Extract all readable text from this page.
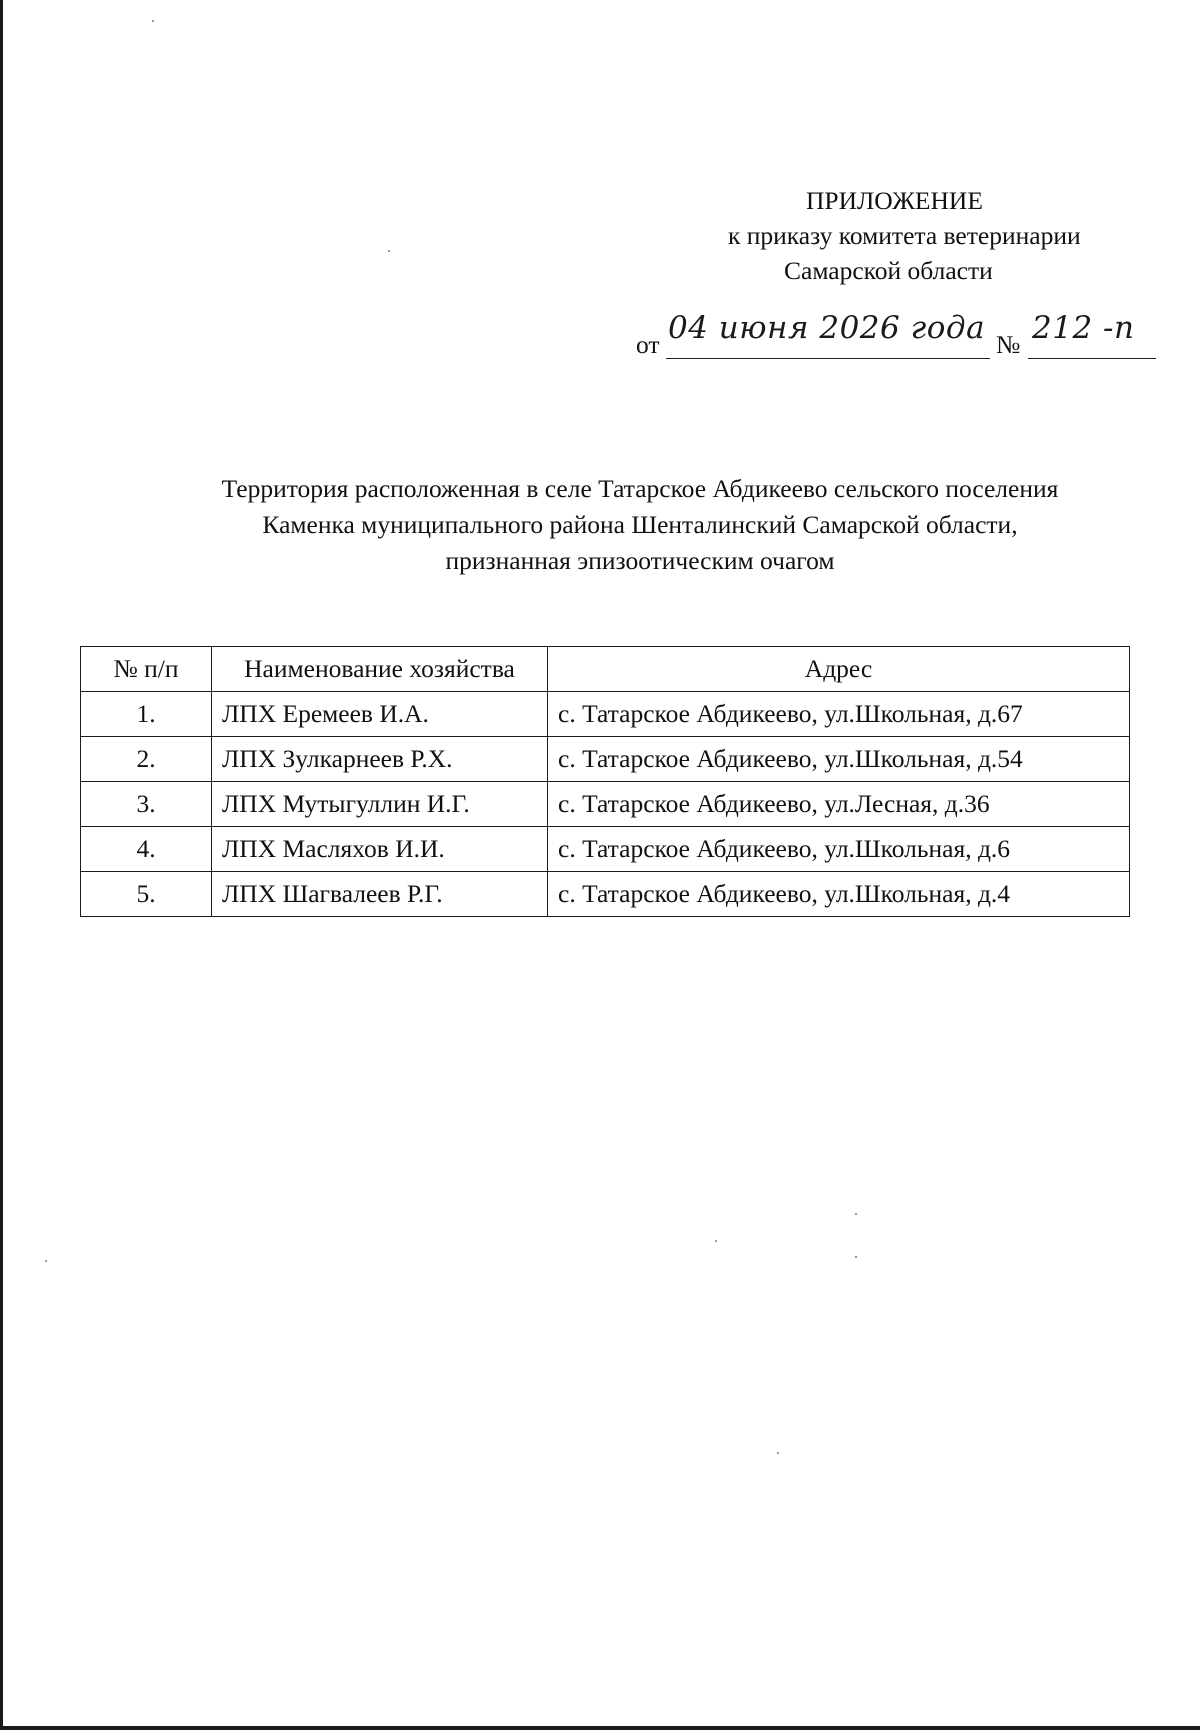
ПРИЛОЖЕНИЕ
к приказу комитета ветеринарии
Самарской области
от 04 июня 2026 года № 212 -п
Территория расположенная в селе Татарское Абдикеево сельского поселения
Каменка муниципального района Шенталинский Самарской области,
признанная эпизоотическим очагом
№ п/п	Наименование хозяйства	Адрес
1.	ЛПХ Еремеев И.А.	с. Татарское Абдикеево, ул.Школьная, д.67
2.	ЛПХ Зулкарнеев Р.Х.	с. Татарское Абдикеево, ул.Школьная, д.54
3.	ЛПХ Мутыгуллин И.Г.	с. Татарское Абдикеево, ул.Лесная, д.36
4.	ЛПХ Масляхов И.И.	с. Татарское Абдикеево, ул.Школьная, д.6
5.	ЛПХ Шагвалеев Р.Г.	с. Татарское Абдикеево, ул.Школьная, д.4
